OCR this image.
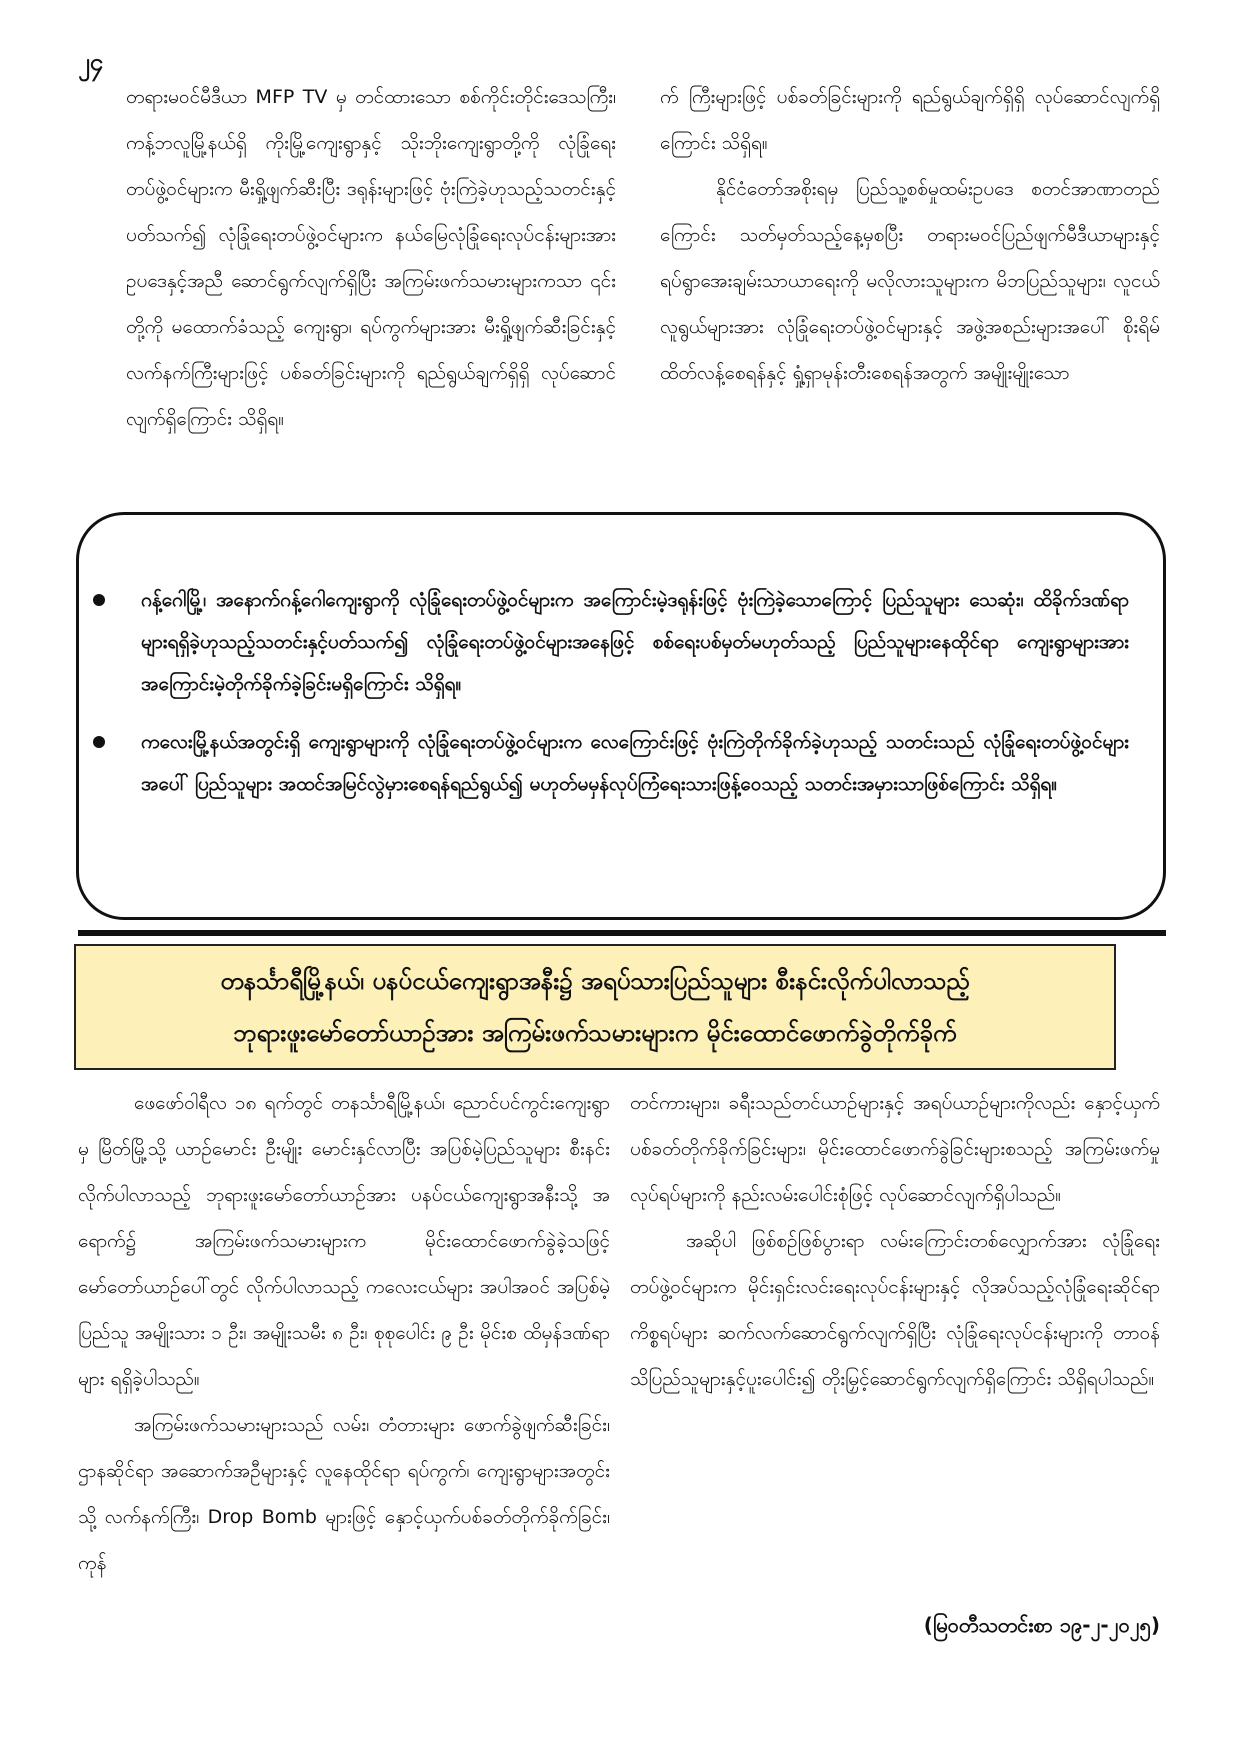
၂၄
တရားမဝင်မီဒီယာ MFP TV မှ တင်ထားသော စစ်ကိုင်းတိုင်းဒေသကြီး၊ ကန့်ဘလူမြို့နယ်ရှိ ကိုးမြို့ကျေးရွာနှင့် သိုးဘိုးကျေးရွာတို့ကို လုံခြုံရေးတပ်ဖွဲ့ဝင်များက မီးရှို့ဖျက်ဆီးပြီး ဒရုန်းများဖြင့် ဗုံးကြဲခဲ့ဟုသည့်သတင်းနှင့်ပတ်သက်၍ လုံခြုံရေးတပ်ဖွဲ့ဝင်များက နယ်မြေလုံခြုံရေးလုပ်ငန်းများအား ဥပဒေနှင့်အညီ ဆောင်ရွက်လျက်ရှိပြီး အကြမ်းဖက်သမားများကသာ ၎င်းတို့ကို မထောက်ခံသည့် ကျေးရွာ၊ ရပ်ကွက်များအား မီးရှို့ဖျက်ဆီးခြင်းနှင့် လက်နက်ကြီးများဖြင့် ပစ်ခတ်ခြင်းများကို ရည်ရွယ်ချက်ရှိရှိ လုပ်ဆောင်လျက်ရှိကြောင်း သိရှိရ။

က် ကြီးများဖြင့် ပစ်ခတ်ခြင်းများကို ရည်ရွယ်ချက်ရှိရှိ လုပ်ဆောင်လျက်ရှိကြောင်း သိရှိရ။

နိုင်ငံတော်အစိုးရမှ ပြည်သူ့စစ်မှုထမ်းဥပဒေ စတင်အာဏာတည်ကြောင်း သတ်မှတ်သည့်နေ့မှစပြီး တရားမဝင်ပြည်ဖျက်မီဒီယာများနှင့် ရပ်ရွာအေးချမ်းသာယာရေးကို မလိုလားသူများက မိဘပြည်သူများ၊ လူငယ်လူရွယ်များအား လုံခြုံရေးတပ်ဖွဲ့ဝင်များနှင့် အဖွဲ့အစည်းများအပေါ် စိုးရိမ်ထိတ်လန့်စေရန်နှင့် ရှုံ့ရှာမုန်းတီးစေရန်အတွက် အမျိုးမျိုးသော

ဂန့်ဂေါမြို့၊ အနောက်ဂန့်ဂေါကျေးရွာကို လုံခြုံရေးတပ်ဖွဲ့ဝင်များက အကြောင်းမဲ့ဒရုန်းဖြင့် ဗုံးကြဲခဲ့သောကြောင့် ပြည်သူများ သေဆုံး၊ ထိခိုက်ဒဏ်ရာများရရှိခဲ့ဟုသည့်သတင်းနှင့်ပတ်သက်၍ လုံခြုံရေးတပ်ဖွဲ့ဝင်များအနေဖြင့် စစ်ရေးပစ်မှတ်မဟုတ်သည့် ပြည်သူများနေထိုင်ရာ ကျေးရွာများအား အကြောင်းမဲ့တိုက်ခိုက်ခဲ့ခြင်းမရှိကြောင်း သိရှိရ။
ကလေးမြို့နယ်အတွင်းရှိ ကျေးရွာများကို လုံခြုံရေးတပ်ဖွဲ့ဝင်များက လေကြောင်းဖြင့် ဗုံးကြဲတိုက်ခိုက်ခဲ့ဟုသည့် သတင်းသည် လုံခြုံရေးတပ်ဖွဲ့ဝင်များအပေါ် ပြည်သူများ အထင်အမြင်လွဲမှားစေရန်ရည်ရွယ်၍ မဟုတ်မမှန်လုပ်ကြံရေးသားဖြန့်ဝေသည့် သတင်းအမှားသာဖြစ်ကြောင်း သိရှိရ။
တနင်္သာရီမြို့နယ်၊ ပနပ်ငယ်ကျေးရွာအနီး၌ အရပ်သားပြည်သူများ စီးနင်းလိုက်ပါလာသည့်
ဘုရားဖူးမော်တော်ယာဉ်အား အကြမ်းဖက်သမားများက မိုင်းထောင်ဖောက်ခွဲတိုက်ခိုက်

ဖေဖော်ဝါရီလ ၁၈ ရက်တွင် တနင်္သာရီမြို့နယ်၊ ညောင်ပင်ကွင်းကျေးရွာမှ မြိတ်မြို့သို့ ယာဉ်မောင်း ဦးမျိုး မောင်းနှင်လာပြီး အပြစ်မဲ့ပြည်သူများ စီးနင်းလိုက်ပါလာသည့် ဘုရားဖူးမော်တော်ယာဉ်အား ပနပ်ငယ်ကျေးရွာအနီးသို့ အရောက်၌ အကြမ်းဖက်သမားများက မိုင်းထောင်ဖောက်ခွဲခဲ့သဖြင့် မော်တော်ယာဉ်ပေါ်တွင် လိုက်ပါလာသည့် ကလေးငယ်များ အပါအဝင် အပြစ်မဲ့ပြည်သူ အမျိုးသား ၁ ဦး၊ အမျိုးသမီး ၈ ဦး၊ စုစုပေါင်း ၉ ဦး မိုင်းစ ထိမှန်ဒဏ်ရာများ ရရှိခဲ့ပါသည်။

အကြမ်းဖက်သမားများသည် လမ်း၊ တံတားများ ဖောက်ခွဲဖျက်ဆီးခြင်း၊ ဌာနဆိုင်ရာ အဆောက်အဦများနှင့် လူနေထိုင်ရာ ရပ်ကွက်၊ ကျေးရွာများအတွင်းသို့ လက်နက်ကြီး၊ Drop Bomb များဖြင့် နှောင့်ယှက်ပစ်ခတ်တိုက်ခိုက်ခြင်း၊ ကုန်

တင်ကားများ၊ ခရီးသည်တင်ယာဉ်များနှင့် အရပ်ယာဉ်များကိုလည်း နှောင့်ယှက်ပစ်ခတ်တိုက်ခိုက်ခြင်းများ၊ မိုင်းထောင်ဖောက်ခွဲခြင်းများစသည့် အကြမ်းဖက်မှုလုပ်ရပ်များကို နည်းလမ်းပေါင်းစုံဖြင့် လုပ်ဆောင်လျက်ရှိပါသည်။

အဆိုပါ ဖြစ်စဉ်ဖြစ်ပွားရာ လမ်းကြောင်းတစ်လျှောက်အား လုံခြုံရေးတပ်ဖွဲ့ဝင်များက မိုင်းရှင်းလင်းရေးလုပ်ငန်းများနှင့် လိုအပ်သည့်လုံခြုံရေးဆိုင်ရာကိစ္စရပ်များ ဆက်လက်ဆောင်ရွက်လျက်ရှိပြီး လုံခြုံရေးလုပ်ငန်းများကို တာဝန်သိပြည်သူများနှင့်ပူးပေါင်း၍ တိုးမြှင့်ဆောင်ရွက်လျက်ရှိကြောင်း သိရှိရပါသည်။

(မြဝတီသတင်းစာ ၁၉-၂-၂၀၂၅)
